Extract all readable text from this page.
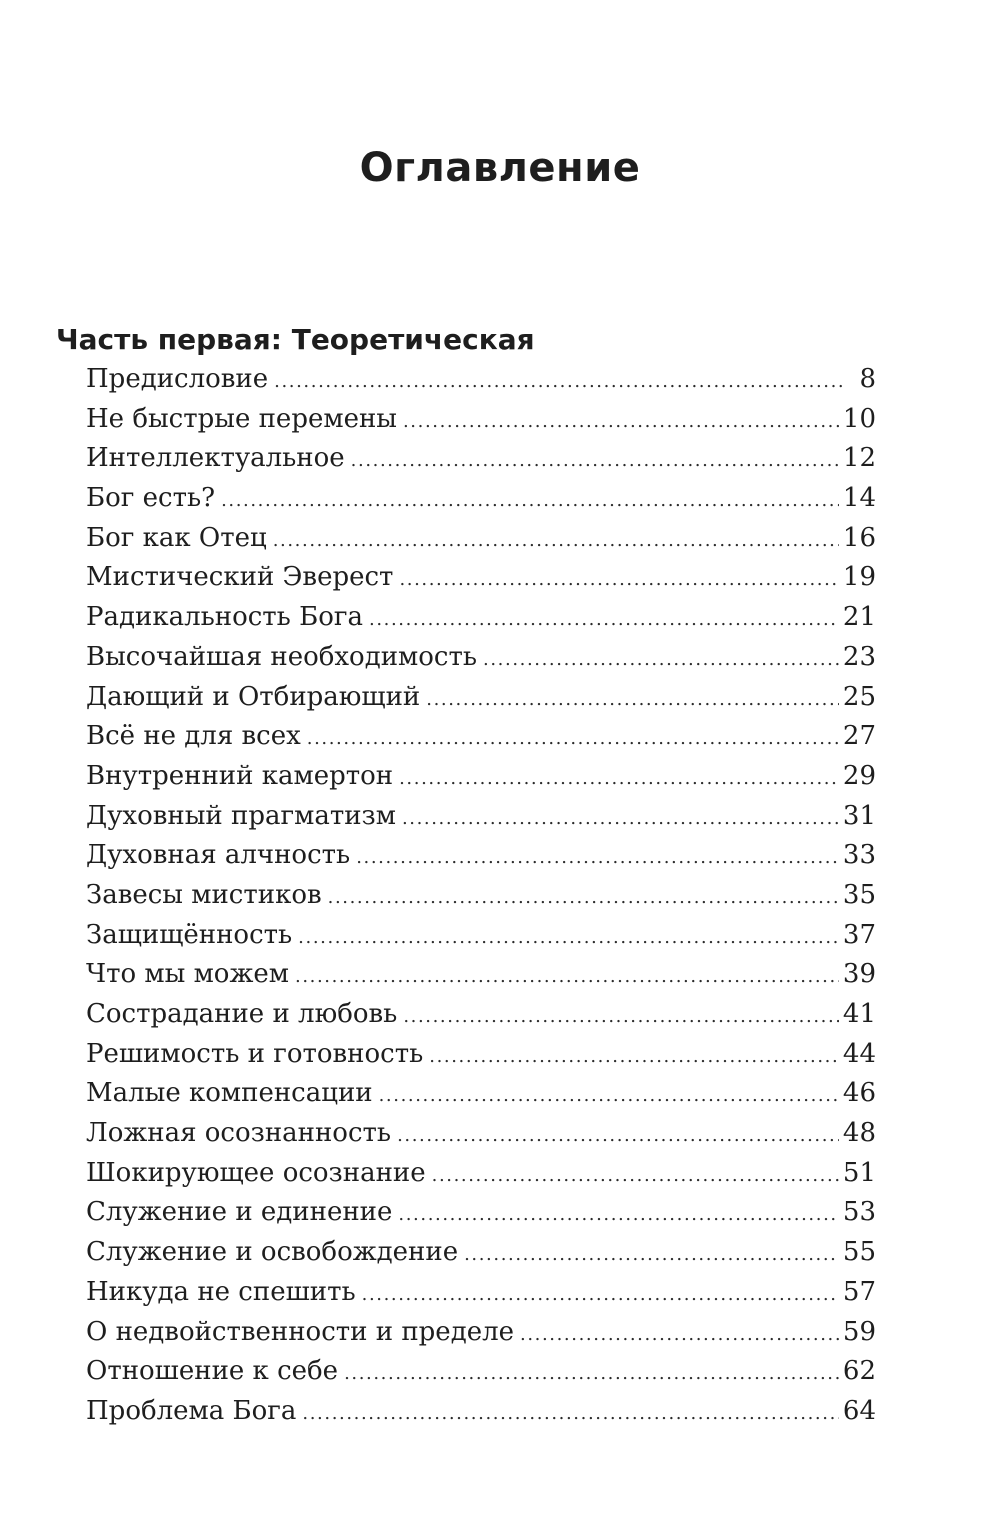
Оглавление
Часть первая: Теоретическая
Предисловие .....	8
Не быстрые перемены .....	10
Интеллектуальное .....	12
Бог есть? .....	14
Бог как Отец .....	16
Мистический Эверест .....	19
Радикальность Бога .....	21
Высочайшая необходимость .....	23
Дающий и Отбирающий .....	25
Всё не для всех .....	27
Внутренний камертон .....	29
Духовный прагматизм .....	31
Духовная алчность .....	33
Завесы мистиков .....	35
Защищённость .....	37
Что мы можем .....	39
Сострадание и любовь .....	41
Решимость и готовность .....	44
Малые компенсации .....	46
Ложная осознанность .....	48
Шокирующее осознание .....	51
Служение и единение .....	53
Служение и освобождение .....	55
Никуда не спешить .....	57
О недвойственности и пределе .....	59
Отношение к себе .....	62
Проблема Бога .....	64
